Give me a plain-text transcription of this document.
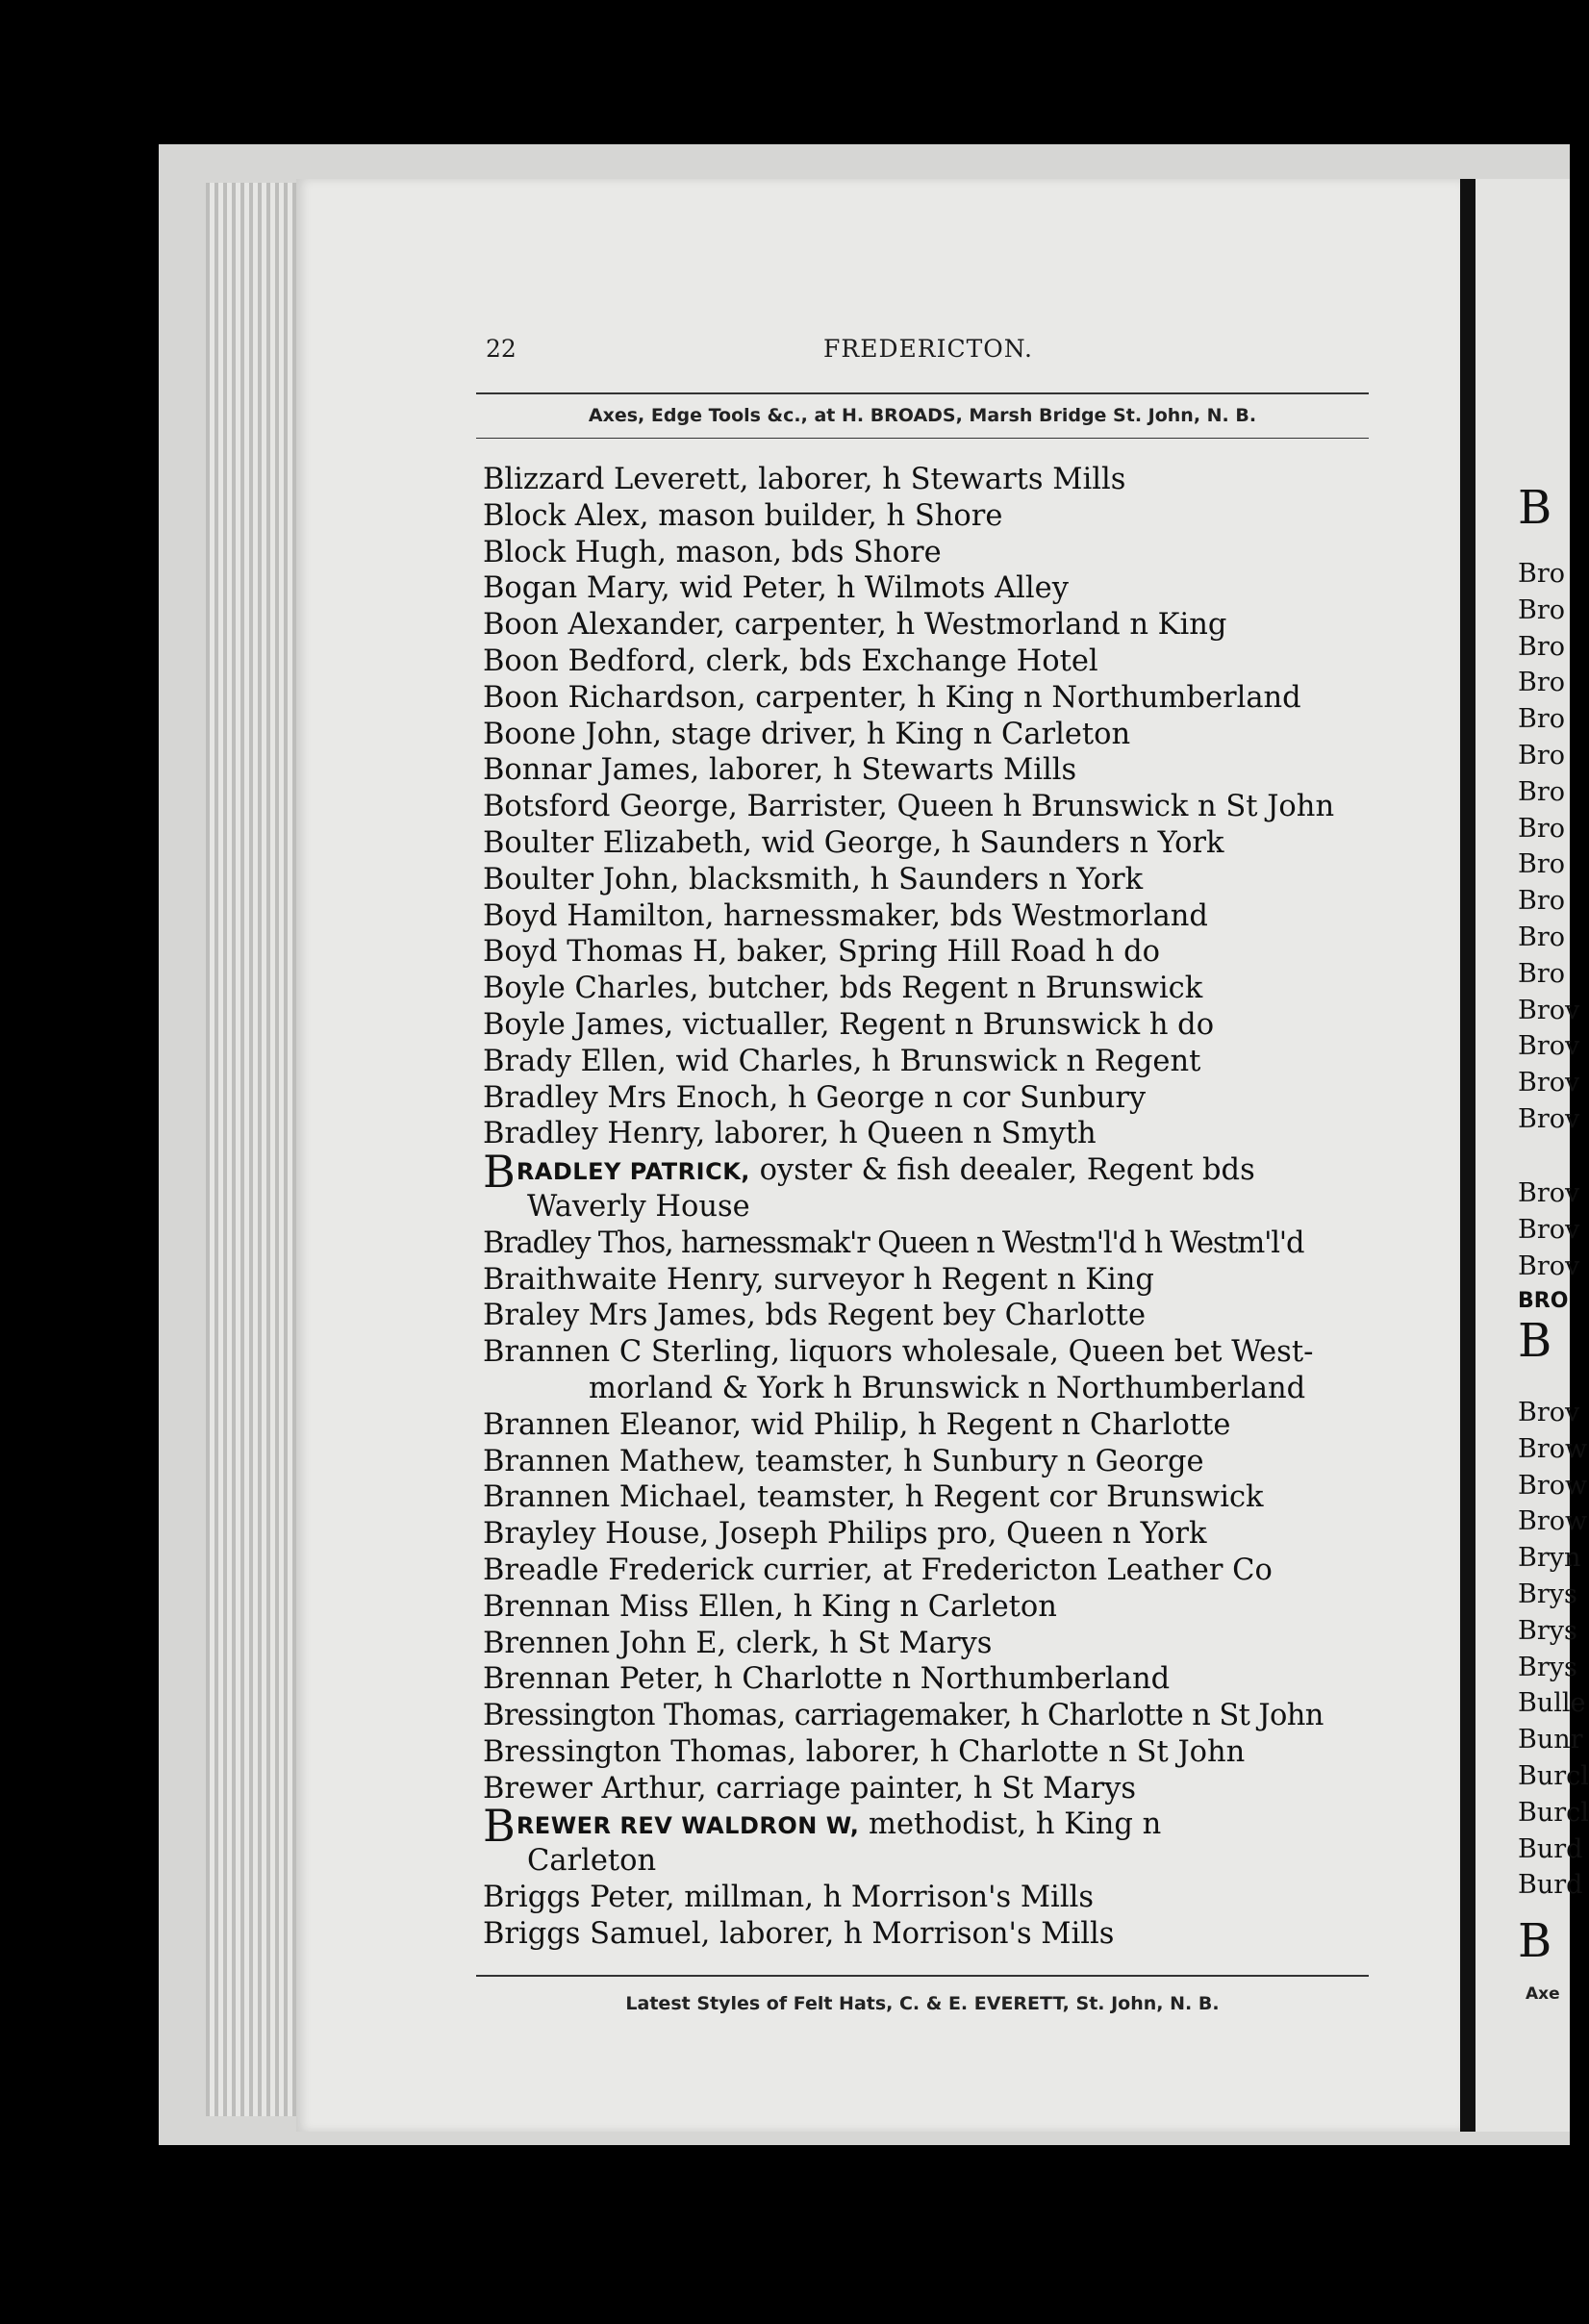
22	FREDERICTON.
Axes, Edge Tools &c., at H. BROADS, Marsh Bridge St. John, N. B.
Blizzard Leverett, laborer, h Stewarts Mills
Block Alex, mason builder, h Shore
Block Hugh, mason, bds Shore
Bogan Mary, wid Peter, h Wilmots Alley
Boon Alexander, carpenter, h Westmorland n King
Boon Bedford, clerk, bds Exchange Hotel
Boon Richardson, carpenter, h King n Northumberland
Boone John, stage driver, h King n Carleton
Bonnar James, laborer, h Stewarts Mills
Botsford George, Barrister, Queen h Brunswick n St John
Boulter Elizabeth, wid George, h Saunders n York
Boulter John, blacksmith, h Saunders n York
Boyd Hamilton, harnessmaker, bds Westmorland
Boyd Thomas H, baker, Spring Hill Road h do
Boyle Charles, butcher, bds Regent n Brunswick
Boyle James, victualler, Regent n Brunswick h do
Brady Ellen, wid Charles, h Brunswick n Regent
Bradley Mrs Enoch, h George n cor Sunbury
Bradley Henry, laborer, h Queen n Smyth
BRADLEY PATRICK, oyster & fish deealer, Regent bds
Waverly House
Bradley Thos, harnessmak'r Queen n Westm'l'd h Westm'l'd
Braithwaite Henry, surveyor h Regent n King
Braley Mrs James, bds Regent bey Charlotte
Brannen C Sterling, liquors wholesale, Queen bet West-
morland & York h Brunswick n Northumberland
Brannen Eleanor, wid Philip, h Regent n Charlotte
Brannen Mathew, teamster, h Sunbury n George
Brannen Michael, teamster, h Regent cor Brunswick
Brayley House, Joseph Philips pro, Queen n York
Breadle Frederick currier, at Fredericton Leather Co
Brennan Miss Ellen, h King n Carleton
Brennen John E, clerk, h St Marys
Brennan Peter, h Charlotte n Northumberland
Bressington Thomas, carriagemaker, h Charlotte n St John
Bressington Thomas, laborer, h Charlotte n St John
Brewer Arthur, carriage painter, h St Marys
BREWER REV WALDRON W, methodist, h King n
Carleton
Briggs Peter, millman, h Morrison's Mills
Briggs Samuel, laborer, h Morrison's Mills
Latest Styles of Felt Hats, C. & E. EVERETT, St. John, N. B.
B
Bro
Bro
Bro
Bro
Bro
Bro
Bro
Bro
Bro
Bro
Bro
Bro
Brov
Brov
Brov
Brov
Brov
Brov
Brov
BRO
B
Brov
Brow
Brow
Brow
Bryn
Brys
Brys
Brys
Bulle
Bunr
Burcl
Burcl
Burd
Burd
B
Axe
